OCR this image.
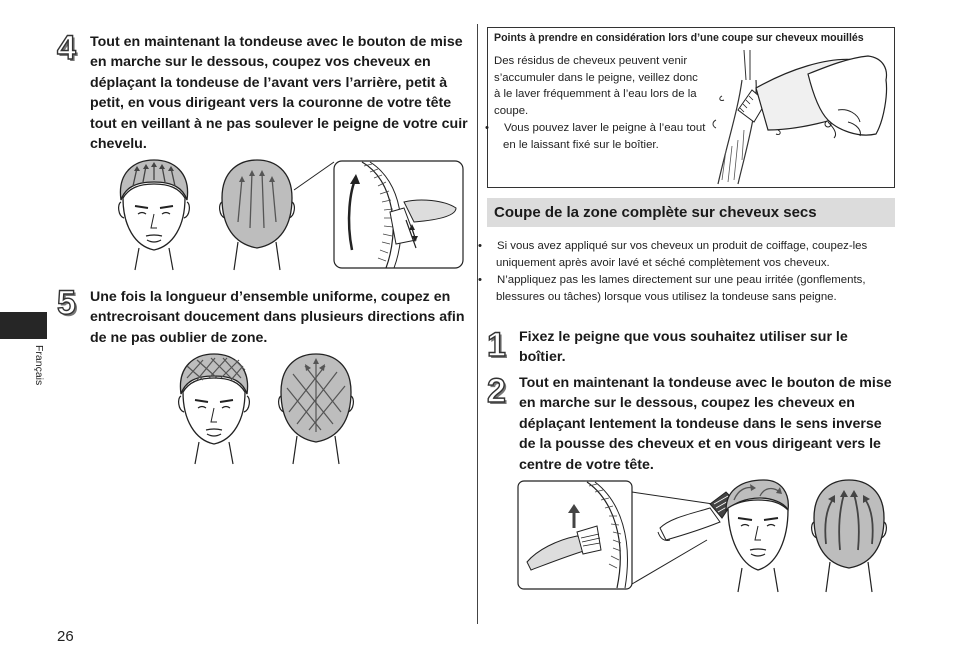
Français
26
4 Tout en maintenant la tondeuse avec le bouton de mise en marche sur le dessous, coupez vos cheveux en déplaçant la tondeuse de l’avant vers l’arrière, petit à petit, en vous dirigeant vers la couronne de votre tête tout en veillant à ne pas soulever le peigne de votre cuir chevelu.
5 Une fois la longueur d’ensemble uniforme, coupez en entrecroisant doucement dans plusieurs directions afin de ne pas oublier de zone.
Points à prendre en considération lors d’une coupe sur cheveux mouillés
Des résidus de cheveux peuvent venir s’accumuler dans le peigne, veillez donc à le laver fréquemment à l’eau lors de la coupe.
• Vous pouvez laver le peigne à l’eau tout en le laissant fixé sur le boîtier.
Coupe de la zone complète sur cheveux secs
• Si vous avez appliqué sur vos cheveux un produit de coiffage, coupez-les uniquement après avoir lavé et séché complètement vos cheveux.
• N’appliquez pas les lames directement sur une peau irritée (gonflements, blessures ou tâches) lorsque vous utilisez la tondeuse sans peigne.
1 Fixez le peigne que vous souhaitez utiliser sur le boîtier.
2 Tout en maintenant la tondeuse avec le bouton de mise en marche sur le dessous, coupez les cheveux en déplaçant lentement la tondeuse dans le sens inverse de la pousse des cheveux et en vous dirigeant vers le centre de votre tête.
